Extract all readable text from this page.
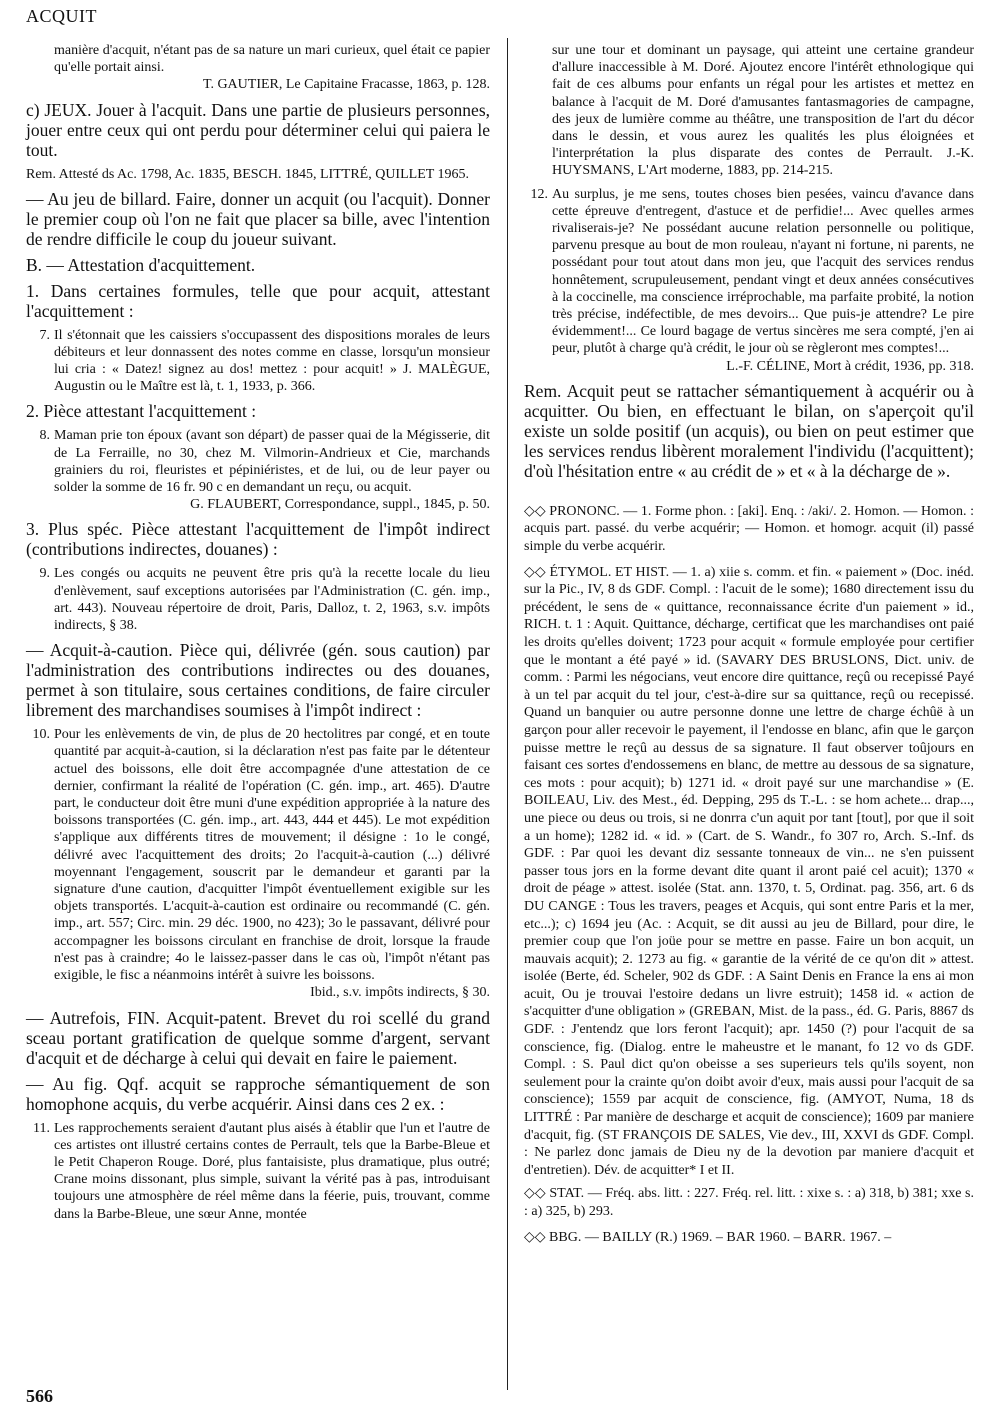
ACQUIT
manière d'acquit, n'étant pas de sa nature un mari curieux, quel était ce papier qu'elle portait ainsi.
T. GAUTIER, Le Capitaine Fracasse, 1863, p. 128.
c) JEUX. Jouer à l'acquit. Dans une partie de plusieurs personnes, jouer entre ceux qui ont perdu pour déterminer celui qui paiera le tout.
Rem. Attesté ds Ac. 1798, Ac. 1835, BESCH. 1845, LITTRÉ, QUILLET 1965.
— Au jeu de billard. Faire, donner un acquit (ou l'acquit). Donner le premier coup où l'on ne fait que placer sa bille, avec l'intention de rendre difficile le coup du joueur suivant.
B. — Attestation d'acquittement.
1. Dans certaines formules, telle que pour acquit, attestant l'acquittement :
7. Il s'étonnait que les caissiers s'occupassent des dispositions morales de leurs débiteurs et leur donnassent des notes comme en classe, lorsqu'un monsieur lui cria : « Datez! signez au dos! mettez : pour acquit! » J. MALÈGUE, Augustin ou le Maître est là, t. 1, 1933, p. 366.
2. Pièce attestant l'acquittement :
8. Maman prie ton époux (avant son départ) de passer quai de la Mégisserie, dit de La Ferraille, no 30, chez M. Vilmorin-Andrieux et Cie, marchands grainiers du roi, fleuristes et pépiniéristes, et de lui, ou de leur payer ou solder la somme de 16 fr. 90 c en demandant un reçu, ou acquit.
G. FLAUBERT, Correspondance, suppl., 1845, p. 50.
3. Plus spéc. Pièce attestant l'acquittement de l'impôt indirect (contributions indirectes, douanes) :
9. Les congés ou acquits ne peuvent être pris qu'à la recette locale du lieu d'enlèvement, sauf exceptions autorisées par l'Administration (C. gén. imp., art. 443). Nouveau répertoire de droit, Paris, Dalloz, t. 2, 1963, s.v. impôts indirects, § 38.
— Acquit-à-caution. Pièce qui, délivrée (gén. sous caution) par l'administration des contributions indirectes ou des douanes, permet à son titulaire, sous certaines conditions, de faire circuler librement des marchandises soumises à l'impôt indirect :
10. Pour les enlèvements de vin, de plus de 20 hectolitres par congé, et en toute quantité par acquit-à-caution, si la déclaration n'est pas faite par le détenteur actuel des boissons, elle doit être accompagnée d'une attestation de ce dernier, confirmant la réalité de l'opération (C. gén. imp., art. 465). D'autre part, le conducteur doit être muni d'une expédition appropriée à la nature des boissons transportées (C. gén. imp., art. 443, 444 et 445). Le mot expédition s'applique aux différents titres de mouvement; il désigne : 1o le congé, délivré avec l'acquittement des droits; 2o l'acquit-à-caution (...) délivré moyennant l'engagement, souscrit par le demandeur et garanti par la signature d'une caution, d'acquitter l'impôt éventuellement exigible sur les objets transportés. L'acquit-à-caution est ordinaire ou recommandé (C. gén. imp., art. 557; Circ. min. 29 déc. 1900, no 423); 3o le passavant, délivré pour accompagner les boissons circulant en franchise de droit, lorsque la fraude n'est pas à craindre; 4o le laissez-passer dans le cas où, l'impôt n'étant pas exigible, le fisc a néanmoins intérêt à suivre les boissons.
Ibid., s.v. impôts indirects, § 30.
— Autrefois, FIN. Acquit-patent. Brevet du roi scellé du grand sceau portant gratification de quelque somme d'argent, servant d'acquit et de décharge à celui qui devait en faire le paiement.
— Au fig. Qqf. acquit se rapproche sémantiquement de son homophone acquis, du verbe acquérir. Ainsi dans ces 2 ex. :
11. Les rapprochements seraient d'autant plus aisés à établir que l'un et l'autre de ces artistes ont illustré certains contes de Perrault, tels que la Barbe-Bleue et le Petit Chaperon Rouge. Doré, plus fantaisiste, plus dramatique, plus outré; Crane moins dissonant, plus simple, suivant la vérité pas à pas, introduisant toujours une atmosphère de réel même dans la féerie, puis, trouvant, comme dans la Barbe-Bleue, une sœur Anne, montée
sur une tour et dominant un paysage, qui atteint une certaine grandeur d'allure inaccessible à M. Doré. Ajoutez encore l'intérêt ethnologique qui fait de ces albums pour enfants un régal pour les artistes et mettez en balance à l'acquit de M. Doré d'amusantes fantasmagories de campagne, des jeux de lumière comme au théâtre, une transposition de l'art du décor dans le dessin, et vous aurez les qualités les plus éloignées et l'interprétation la plus disparate des contes de Perrault. J.-K. HUYSMANS, L'Art moderne, 1883, pp. 214-215.
12. Au surplus, je me sens, toutes choses bien pesées, vaincu d'avance dans cette épreuve d'entregent, d'astuce et de perfidie!... Avec quelles armes rivaliserais-je? Ne possédant aucune relation personnelle ou politique, parvenu presque au bout de mon rouleau, n'ayant ni fortune, ni parents, ne possédant pour tout atout dans mon jeu, que l'acquit des services rendus honnêtement, scrupuleusement, pendant vingt et deux années consécutives à la coccinelle, ma conscience irréprochable, ma parfaite probité, la notion très précise, indéfectible, de mes devoirs... Que puis-je attendre? Le pire évidemment!... Ce lourd bagage de vertus sincères me sera compté, j'en ai peur, plutôt à charge qu'à crédit, le jour où se règleront mes comptes!...
L.-F. CÉLINE, Mort à crédit, 1936, pp. 318.
Rem. Acquit peut se rattacher sémantiquement à acquérir ou à acquitter. Ou bien, en effectuant le bilan, on s'aperçoit qu'il existe un solde positif (un acquis), ou bien on peut estimer que les services rendus libèrent moralement l'individu (l'acquittent); d'où l'hésitation entre « au crédit de » et « à la décharge de ».
◇◇ PRONONC. — 1. Forme phon. : [aki]. Enq. : /aki/. 2. Homon. — Homon. : acquis part. passé. du verbe acquérir; — Homon. et homogr. acquit (il) passé simple du verbe acquérir.
◇◇ ÉTYMOL. ET HIST. — 1. a) xiie s. comm. et fin. « paiement » (Doc. inéd. sur la Pic., IV, 8 ds GDF. Compl. : l'acuit de le some); 1680 directement issu du précédent, le sens de « quittance, reconnaissance écrite d'un paiement » id., RICH. t. 1 : Aquit. Quittance, décharge, certificat que les marchandises ont paié les droits qu'elles doivent; 1723 pour acquit « formule employée pour certifier que le montant a été payé » id. (SAVARY DES BRUSLONS, Dict. univ. de comm. : Parmi les négocians, veut encore dire quittance, reçû ou recepissé Payé à un tel par acquit du tel jour, c'est-à-dire sur sa quittance, reçû ou recepissé. Quand un banquier ou autre personne donne une lettre de charge échûë à un garçon pour aller recevoir le payement, il l'endosse en blanc, afin que le garçon puisse mettre le reçû au dessus de sa signature. Il faut observer toûjours en faisant ces sortes d'endossemens en blanc, de mettre au dessous de sa signature, ces mots : pour acquit); b) 1271 id. « droit payé sur une marchandise » (E. BOILEAU, Liv. des Mest., éd. Depping, 295 ds T.-L. : se hom achete... drap..., une piece ou deus ou trois, si ne donrra c'un aquit por tant [tout], por que il soit a un home); 1282 id. « id. » (Cart. de S. Wandr., fo 307 ro, Arch. S.-Inf. ds GDF. : Par quoi les devant diz sessante tonneaux de vin... ne s'en puissent passer tous jors en la forme devant dite quant il aront paié cel acuit); 1370 « droit de péage » attest. isolée (Stat. ann. 1370, t. 5, Ordinat. pag. 356, art. 6 ds DU CANGE : Tous les travers, peages et Acquis, qui sont entre Paris et la mer, etc...); c) 1694 jeu (Ac. : Acquit, se dit aussi au jeu de Billard, pour dire, le premier coup que l'on joüe pour se mettre en passe. Faire un bon acquit, un mauvais acquit); 2. 1273 au fig. « garantie de la vérité de ce qu'on dit » attest. isolée (Berte, éd. Scheler, 902 ds GDF. : A Saint Denis en France la ens ai mon acuit, Ou je trouvai l'estoire dedans un livre estruit); 1458 id. « action de s'acquitter d'une obligation » (GREBAN, Mist. de la pass., éd. G. Paris, 8867 ds GDF. : J'entendz que lors feront l'acquit); apr. 1450 (?) pour l'acquit de sa conscience, fig. (Dialog. entre le maheustre et le manant, fo 12 vo ds GDF. Compl. : S. Paul dict qu'on obeisse a ses superieurs tels qu'ils soyent, non seulement pour la crainte qu'on doibt avoir d'eux, mais aussi pour l'acquit de sa conscience); 1559 par acquit de conscience, fig. (AMYOT, Numa, 18 ds LITTRÉ : Par manière de descharge et acquit de conscience); 1609 par maniere d'acquit, fig. (ST FRANÇOIS DE SALES, Vie dev., III, XXVI ds GDF. Compl. : Ne parlez donc jamais de Dieu ny de la devotion par maniere d'acquit et d'entretien). Dév. de acquitter* I et II.
◇◇ STAT. — Fréq. abs. litt. : 227. Fréq. rel. litt. : xixe s. : a) 318, b) 381; xxe s. : a) 325, b) 293.
◇◇ BBG. — BAILLY (R.) 1969. – BAR 1960. – BARR. 1967. –
566
